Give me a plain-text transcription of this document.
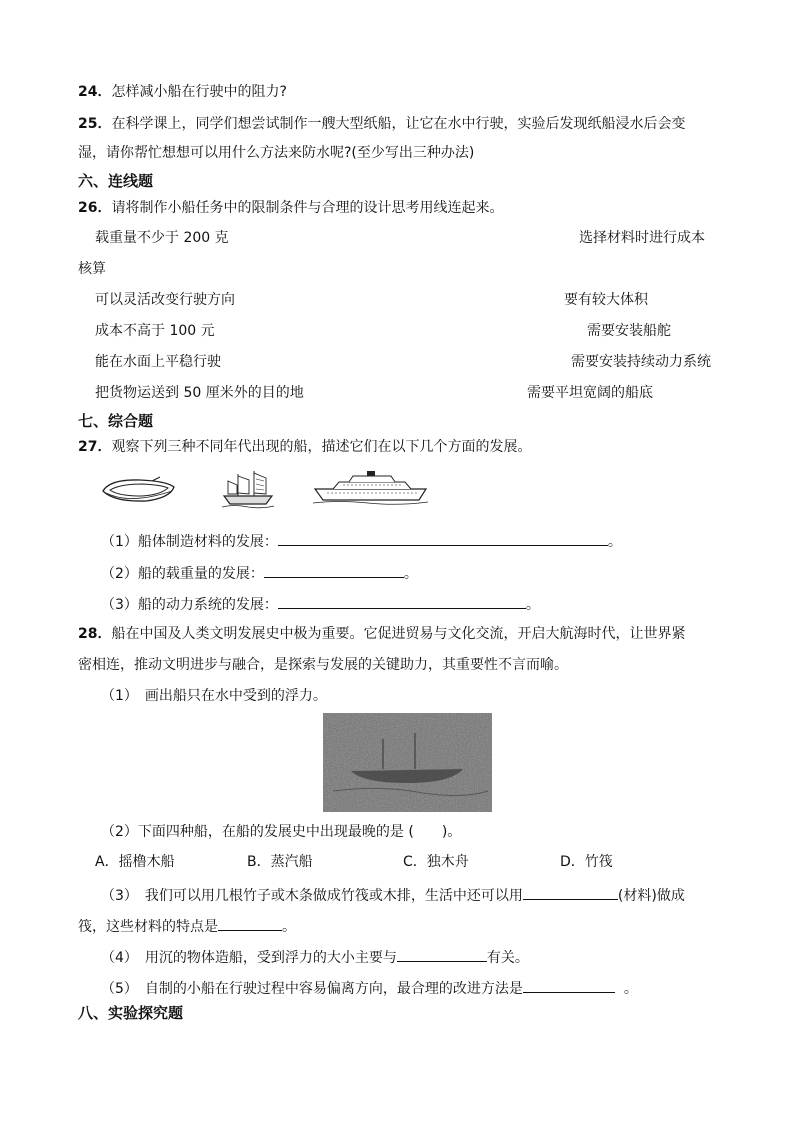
24．怎样减小船在行驶中的阻力?
25．在科学课上，同学们想尝试制作一艘大型纸船，让它在水中行驶，实验后发现纸船浸水后会变
湿，请你帮忙想想可以用什么方法来防水呢?(至少写出三种办法)
六、连线题
26．请将制作小船任务中的限制条件与合理的设计思考用线连起来。
载重量不少于 200 克	选择材料时进行成本
核算
可以灵活改变行驶方向	要有较大体积
成本不高于 100 元	需要安装船舵
能在水面上平稳行驶	需要安装持续动力系统
把货物运送到 50 厘米外的目的地	需要平坦宽阔的船底
七、综合题
27．观察下列三种不同年代出现的船，描述它们在以下几个方面的发展。
（1）船体制造材料的发展：	。
（2）船的载重量的发展：	。
（3）船的动力系统的发展：	。
28．船在中国及人类文明发展史中极为重要。它促进贸易与文化交流，开启大航海时代，让世界紧
密相连，推动文明进步与融合，是探索与发展的关键助力，其重要性不言而喻。
（1）　画出船只在水中受到的浮力。
（2）下面四种船，在船的发展史中出现最晚的是 (　　)。
A．摇橹木船	B．蒸汽船	C．独木舟	D．竹筏
（3）　我们可以用几根竹子或木条做成竹筏或木排，生活中还可以用	(材料)做成
筏，这些材料的特点是	。
（4）　用沉的物体造船，受到浮力的大小主要与	有关。
（5）　自制的小船在行驶过程中容易偏离方向，最合理的改进方法是	。
八、实验探究题
